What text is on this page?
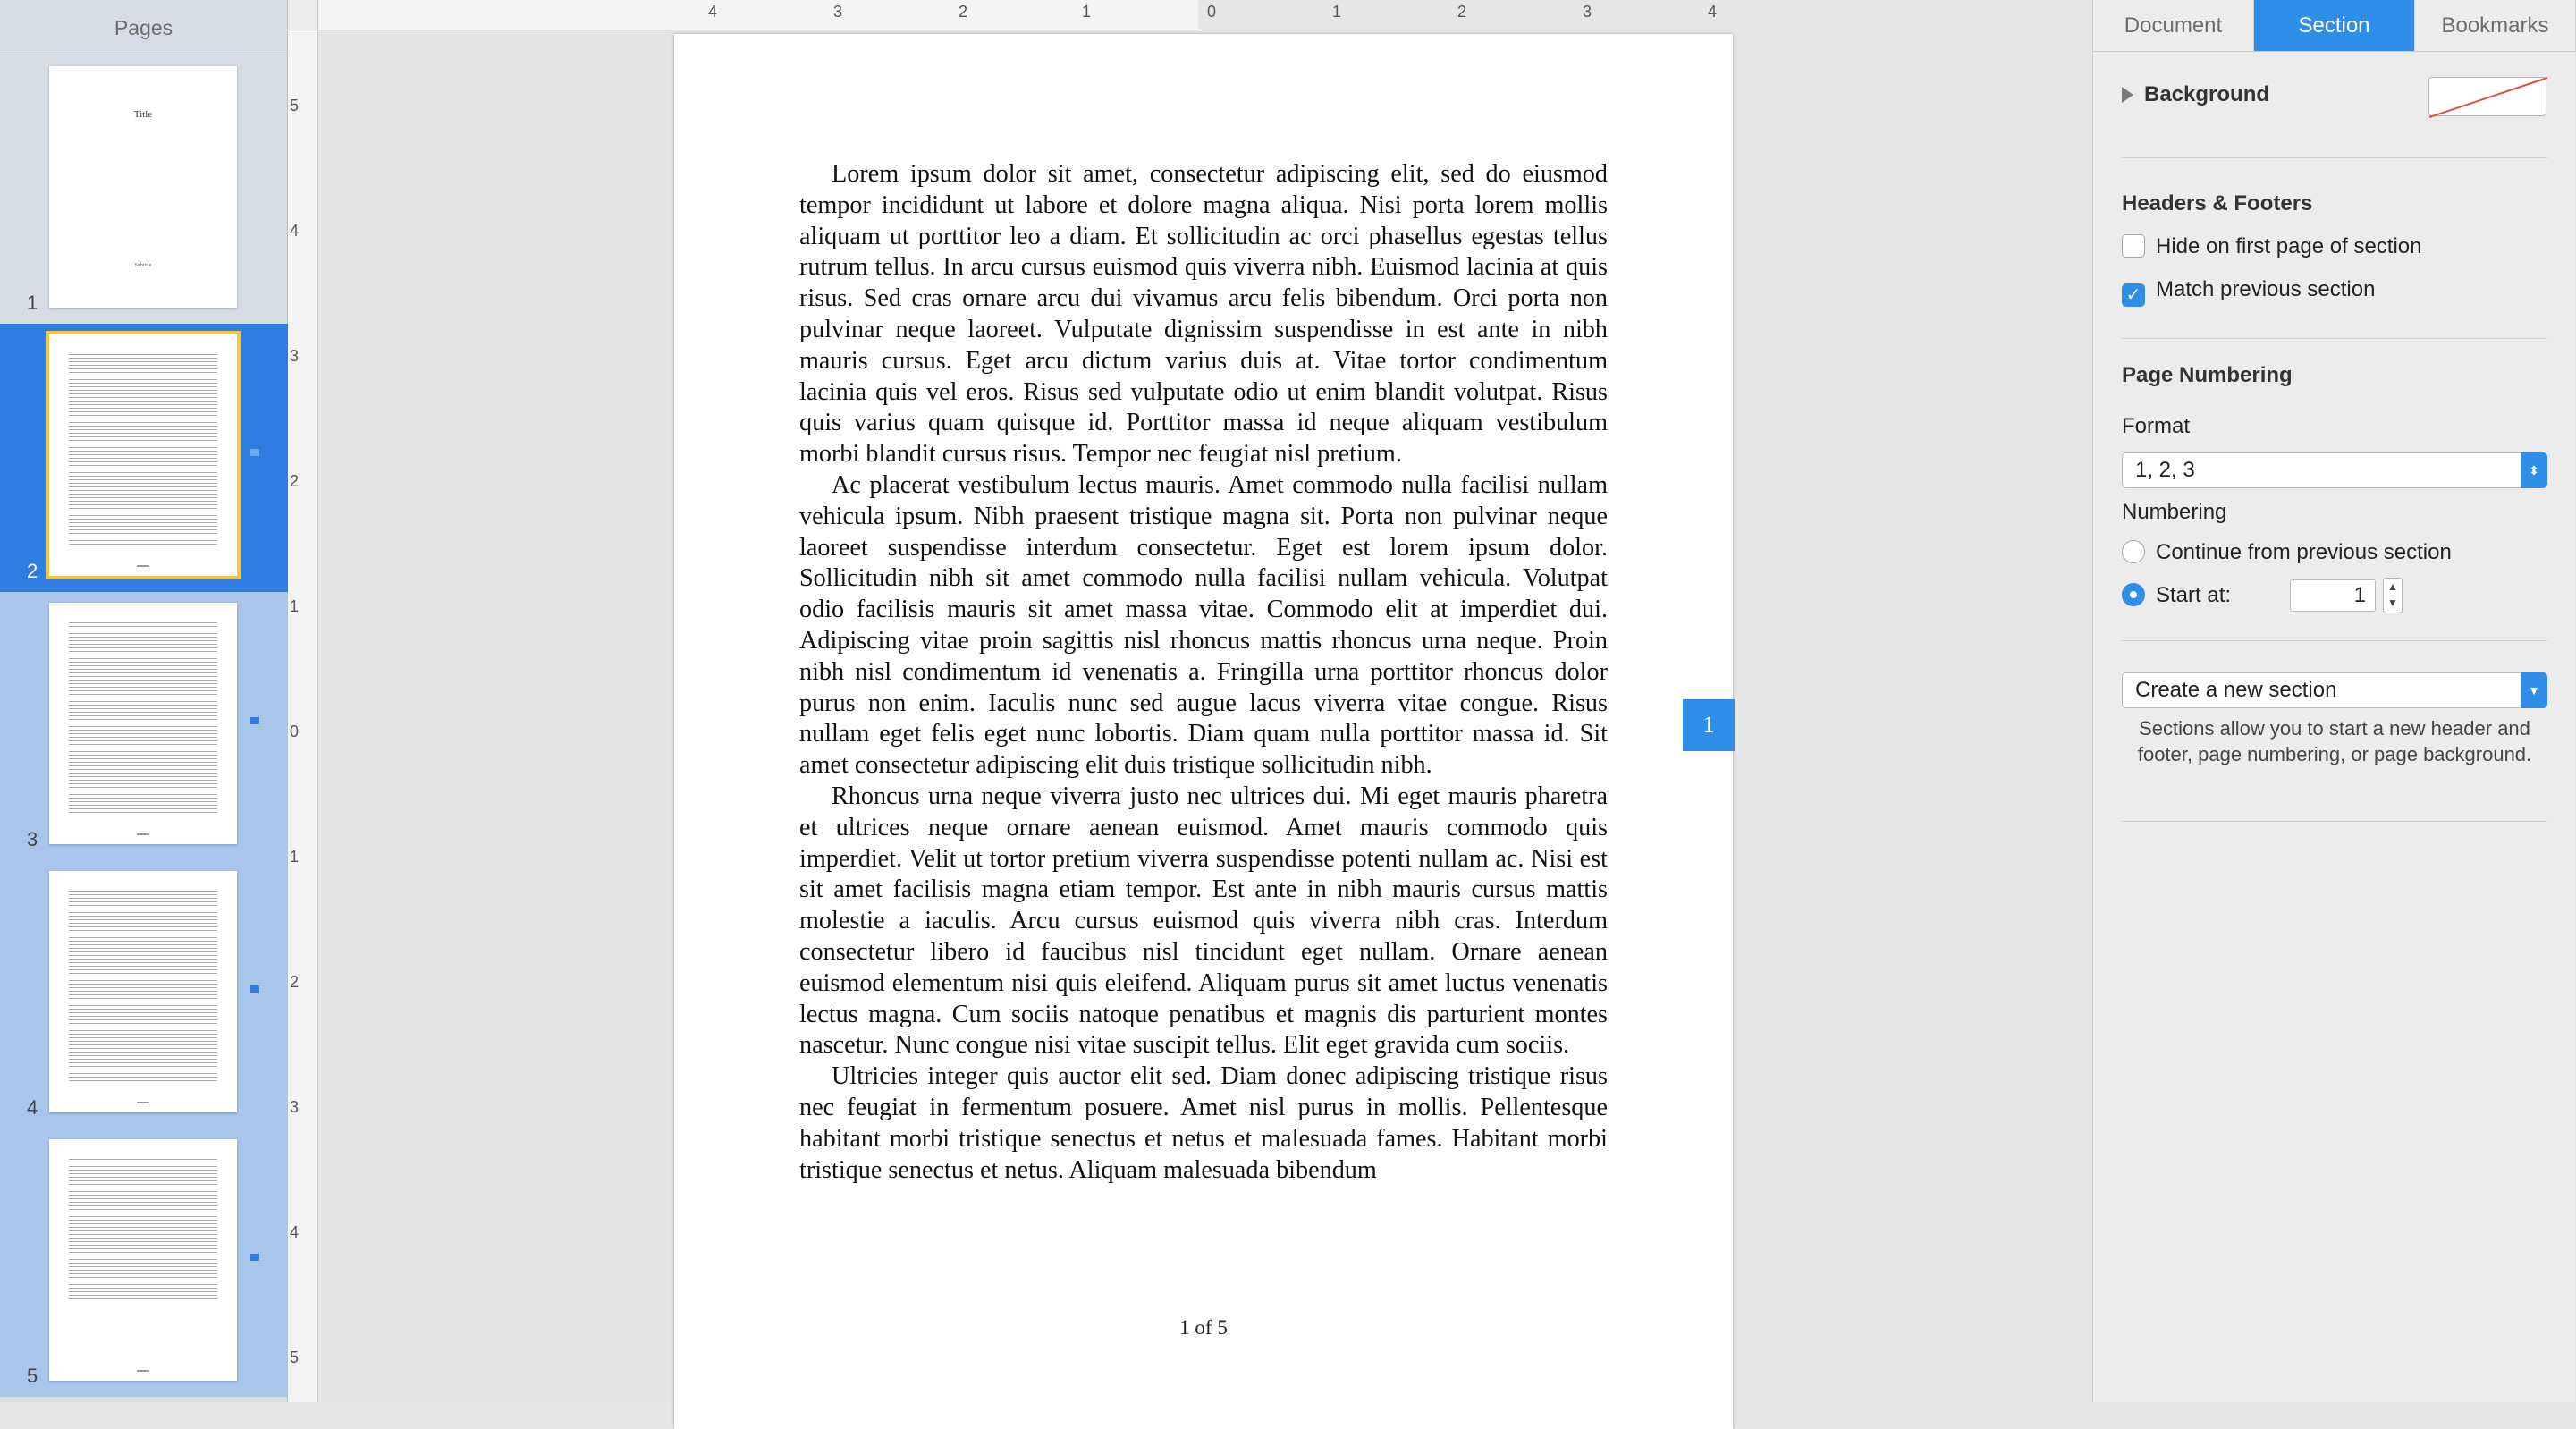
Pages
Title
Subtitle
1
2
3
4
5
4	3	2	1	0	1	2	3	4
5
4
3
2
1
0
1
2
3
4
5

Lorem ipsum dolor sit amet, consectetur adipiscing elit, sed do eiusmod tempor incididunt ut labore et dolore magna aliqua. Nisi porta lorem mollis aliquam ut porttitor leo a diam. Et sollicitudin ac orci phasellus egestas tellus rutrum tellus. In arcu cursus euismod quis viverra nibh. Euismod lacinia at quis risus. Sed cras ornare arcu dui vivamus arcu felis bibendum. Orci porta non pulvinar neque laoreet. Vulputate dignissim suspendisse in est ante in nibh mauris cursus. Eget arcu dictum varius duis at. Vitae tortor condimentum lacinia quis vel eros. Risus sed vulputate odio ut enim blandit volutpat. Risus quis varius quam quisque id. Porttitor massa id neque aliquam vestibulum morbi blandit cursus risus. Tempor nec feugiat nisl pretium.

Ac placerat vestibulum lectus mauris. Amet commodo nulla facilisi nullam vehicula ipsum. Nibh praesent tristique magna sit. Porta non pulvinar neque laoreet suspendisse interdum consectetur. Eget est lorem ipsum dolor. Sollicitudin nibh sit amet commodo nulla facilisi nullam vehicula. Volutpat odio facilisis mauris sit amet massa vitae. Commodo elit at imperdiet dui. Adipiscing vitae proin sagittis nisl rhoncus mattis rhoncus urna neque. Proin nibh nisl condimentum id venenatis a. Fringilla urna porttitor rhoncus dolor purus non enim. Iaculis nunc sed augue lacus viverra vitae congue. Risus nullam eget felis eget nunc lobortis. Diam quam nulla porttitor massa id. Sit amet consectetur adipiscing elit duis tristique sollicitudin nibh.

Rhoncus urna neque viverra justo nec ultrices dui. Mi eget mauris pharetra et ultrices neque ornare aenean euismod. Amet mauris commodo quis imperdiet. Velit ut tortor pretium viverra suspendisse potenti nullam ac. Nisi est sit amet facilisis magna etiam tempor. Est ante in nibh mauris cursus mattis molestie a iaculis. Arcu cursus euismod quis viverra nibh cras. Interdum consectetur libero id faucibus nisl tincidunt eget nullam. Ornare aenean euismod elementum nisi quis eleifend. Aliquam purus sit amet luctus venenatis lectus magna. Cum sociis natoque penatibus et magnis dis parturient montes nascetur. Nunc congue nisi vitae suscipit tellus. Elit eget gravida cum sociis.

Ultricies integer quis auctor elit sed. Diam donec adipiscing tristique risus nec feugiat in fermentum posuere. Amet nisl purus in mollis. Pellentesque habitant morbi tristique senectus et netus et malesuada fames. Habitant morbi tristique senectus et netus. Aliquam malesuada bibendum

1 of 5
1
Document	Section	Bookmarks
Background
Headers & Footers
Hide on first page of section
✓ Match previous section
Page Numbering
Format
1, 2, 3	⬍
Numbering
Continue from previous section
Start at:	1	▲
▼
Create a new section	▼
Sections allow you to start a new header and footer, page numbering, or page background.
